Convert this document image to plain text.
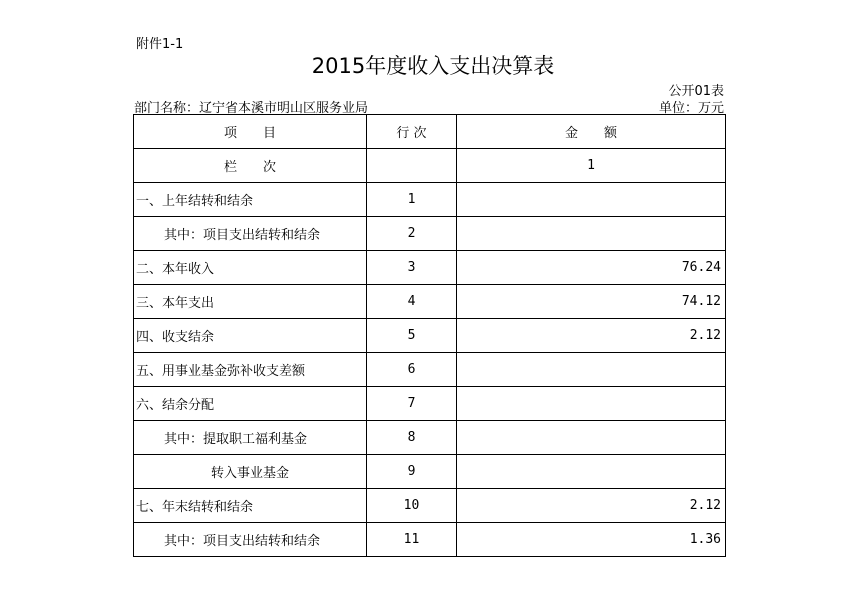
附件1-1
2015年度收入支出决算表
公开01表
部门名称：辽宁省本溪市明山区服务业局	单位：万元
项　　目	行 次	金　　额
栏　　次		1
一、上年结转和结余	1	
其中：项目支出结转和结余	2	
二、本年收入	3	76.24
三、本年支出	4	74.12
四、收支结余	5	2.12
五、用事业基金弥补收支差额	6	
六、结余分配	7	
其中：提取职工福利基金	8	
转入事业基金	9	
七、年末结转和结余	10	2.12
其中：项目支出结转和结余	11	1.36
